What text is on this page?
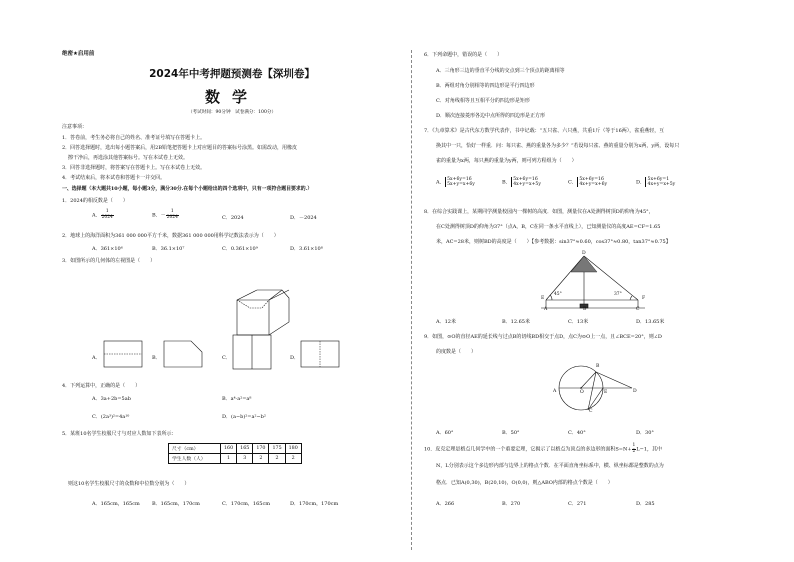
绝密★启用前
2024年中考押题预测卷【深圳卷】
数学
（考试时间：90分钟　试卷满分：100分）
注意事项：
1．答卷前，考生务必将自己的姓名、准考证号填写在答题卡上。
2．回答选择题时，选出每小题答案后，用2B铅笔把答题卡上对应题目的答案标号涂黑。如需改动，用橡皮
擦干净后，再选涂其他答案标号。写在本试卷上无效。
3．回答非选择题时，将答案写在答题卡上。写在本试卷上无效。
4．考试结束后，将本试卷和答题卡一并交回。
一、选择题（本大题共10小题，每小题3分，满分30分.在每个小题给出的四个选项中，只有一项符合题目要求的.）
1．2024的相反数是（　　）
A． $\frac{1}{2024}$	B．－ $\frac{1}{2024}$	C．2024	D．－2024
2．地球上的海洋面积为361 000 000平方千米，数据361 000 000用科学记数法表示为（　　）
A．361×10⁶	B．36.1×10⁷	C．0.361×10⁹	D．3.61×10⁸
3．如图所示的几何体的左视图是（　　）
A．	B．	C．	D．
4．下列运算中，正确的是（　　）
A．3a+2b=5ab	B．a⁴·a²=a⁸
C．(2a³)²=4a¹⁰	D．(a−b)²=a²−b²
5．某班10名学生校服尺寸与对应人数如下表所示：
尺寸（cm）	160	165	170	175	180
学生人数（人）	1	3	2	2	2
则这10名学生校服尺寸的众数和中位数分别为（　　）
A．165cm，165cm B．165cm，170cm	C．170cm，165cm	D．170cm，170cm
6．下列命题中，错误的是（　　）
A．三角形三边的垂直平分线的交点到三个顶点的距离相等
B．两组对角分别相等的四边形是平行四边形
C．对角线相等且互相平分的四边形是矩形
D．顺次连接菱形各边中点所得的四边形是正方形
7．《九章算术》是古代东方数学代表作，书中记载：“五只雀、六只燕，共重1斤（等于16两），雀重燕轻，互
换其中一只，恰好一样重．问：每只雀、燕的重量各为多少？”若设每只雀、燕的重量分别为x两，y两，设每只
雀的重量为x两，每只燕的重量为y两，则可列方程组为（　　）
A． 5x+6y=16
5x+y=x+6y	B． 5x+6y=16
4x+y=x+5y	C． 5x+6y=16
4x+y=x+6y	D． 5x+6y=1
4x+y=x+5y
8．在综合实践课上，某期同学测量校园内一棵树的高度．如图，测量仪在A处测得树顶D的仰角为45°，
在C处测得树顶D的仰角为37°（点A，B，C在同一条水平直线上），已知测量仪的高度AE=CF=1.65
米，AC=28米，则树BD的高度是（　　）【参考数据：sin37°≈0.60，cos37°≈0.80，tan37°≈0.75】
D
E	F
A	B	C
45°	37°
A．12米	B．12.65米	C．13米	D．13.65米
9．如图，⊙O的直径AE的延长线与过点B的切线BD相交于点D，点C为⊙O上一点，且∠BCE=20°，则∠D
的度数是（　　）
A	O	E
B
C
D
A．60°	B．50°	C．40°	D．30°
10．皮克定理是格点几何学中的一个重要定理，它揭示了以格点为顶点的多边形的面积$S=N+ \frac{1}{2} L-1$，其中
N，L分别表示这个多边形内部与边界上的格点个数．在平面直角坐标系中，横、纵坐标都是整数的点为
格点．已知A(0,30)，B(20,10)，O(0,0)，则△ABO内部的格点个数是（　　）
A．266	B．270	C．271	D．285
